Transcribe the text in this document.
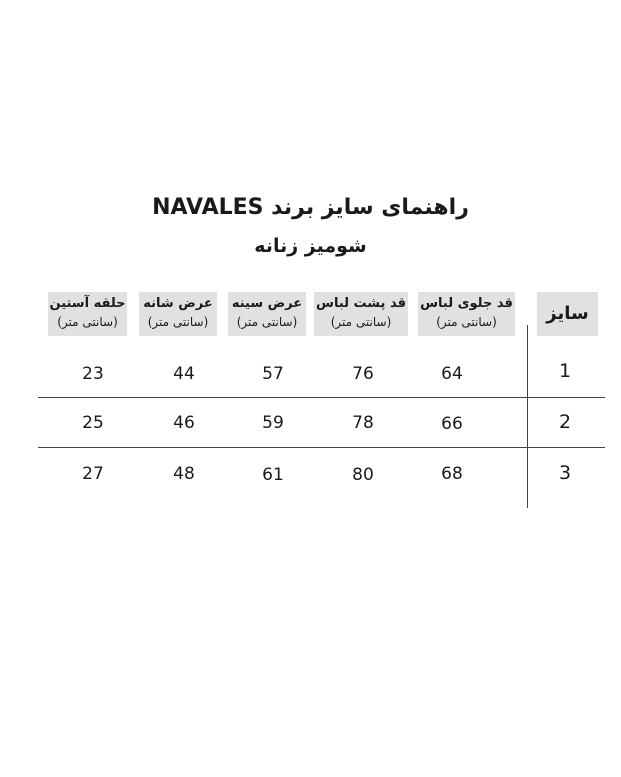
راهنمای سایز برند NAVALES
شومیز زنانه
سایز
قد جلوی لباس
(سانتی متر)
قد پشت لباس
(سانتی متر)
عرض سینه
(سانتی متر)
عرض شانه
(سانتی متر)
حلقه آستین
(سانتی متر)
1
64
76
57
44
23
2
66
78
59
46
25
3
68
80
61
48
27
